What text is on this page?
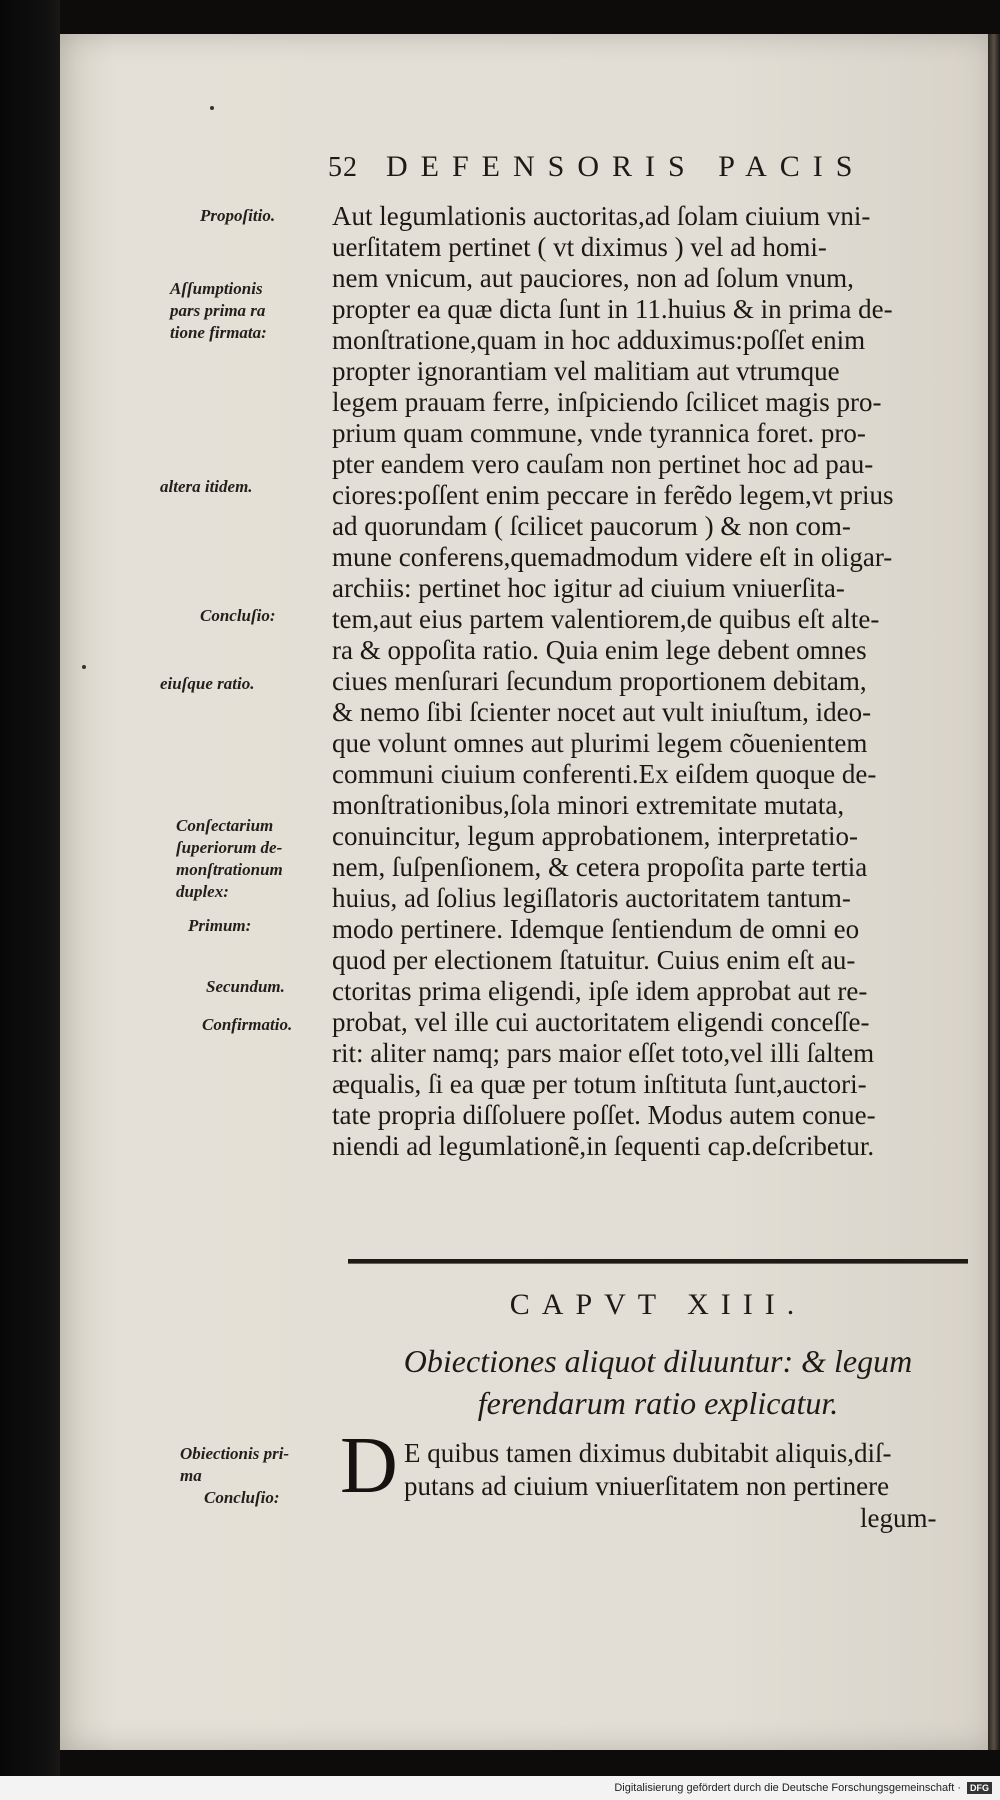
52 DEFENSORIS PACIS
Propoſitio.
Aſſumptionis
pars prima ra
tione firmata:
altera itidem.
Concluſio:
eiuſque ratio.
Conſectarium
ſuperiorum de-
monſtrationum
duplex:
Primum:
Secundum.
Confirmatio.
Obiectionis pri-
ma
Concluſio:
Aut legumlationis auctoritas,ad ſolam ciuium vni-
uerſitatem pertinet ( vt diximus ) vel ad homi-
nem vnicum, aut pauciores, non ad ſolum vnum,
propter ea quæ dicta ſunt in 11.huius & in prima de-
monſtratione,quam in hoc adduximus:poſſet enim
propter ignorantiam vel malitiam aut vtrumque
legem prauam ferre, inſpiciendo ſcilicet magis pro-
prium quam commune, vnde tyrannica foret. pro-
pter eandem vero cauſam non pertinet hoc ad pau-
ciores:poſſent enim peccare in ferẽdo legem,vt prius
ad quorundam ( ſcilicet paucorum ) & non com-
mune conferens,quemadmodum videre eſt in oligar-
archiis: pertinet hoc igitur ad ciuium vniuerſita-
tem,aut eius partem valentiorem,de quibus eſt alte-
ra & oppoſita ratio. Quia enim lege debent omnes
ciues menſurari ſecundum proportionem debitam,
& nemo ſibi ſcienter nocet aut vult iniuſtum, ideo-
que volunt omnes aut plurimi legem cõuenientem
communi ciuium conferenti.Ex eiſdem quoque de-
monſtrationibus,ſola minori extremitate mutata,
conuincitur, legum approbationem, interpretatio-
nem, ſuſpenſionem, & cetera propoſita parte tertia
huius, ad ſolius legiſlatoris auctoritatem tantum-
modo pertinere. Idemque ſentiendum de omni eo
quod per electionem ſtatuitur. Cuius enim eſt au-
ctoritas prima eligendi, ipſe idem approbat aut re-
probat, vel ille cui auctoritatem eligendi conceſſe-
rit: aliter namq; pars maior eſſet toto,vel illi ſaltem
æqualis, ſi ea quæ per totum inſtituta ſunt,auctori-
tate propria diſſoluere poſſet. Modus autem conue-
niendi ad legumlationẽ,in ſequenti cap.deſcribetur.
CAPVT XIII.
Obiectiones aliquot diluuntur: & legum
ferendarum ratio explicatur.
D E quibus tamen diximus dubitabit aliquis,diſ-
putans ad ciuium vniuerſitatem non pertinere
legum-
Digitalisierung gefördert durch die Deutsche Forschungsgemeinschaft ·	DFG
